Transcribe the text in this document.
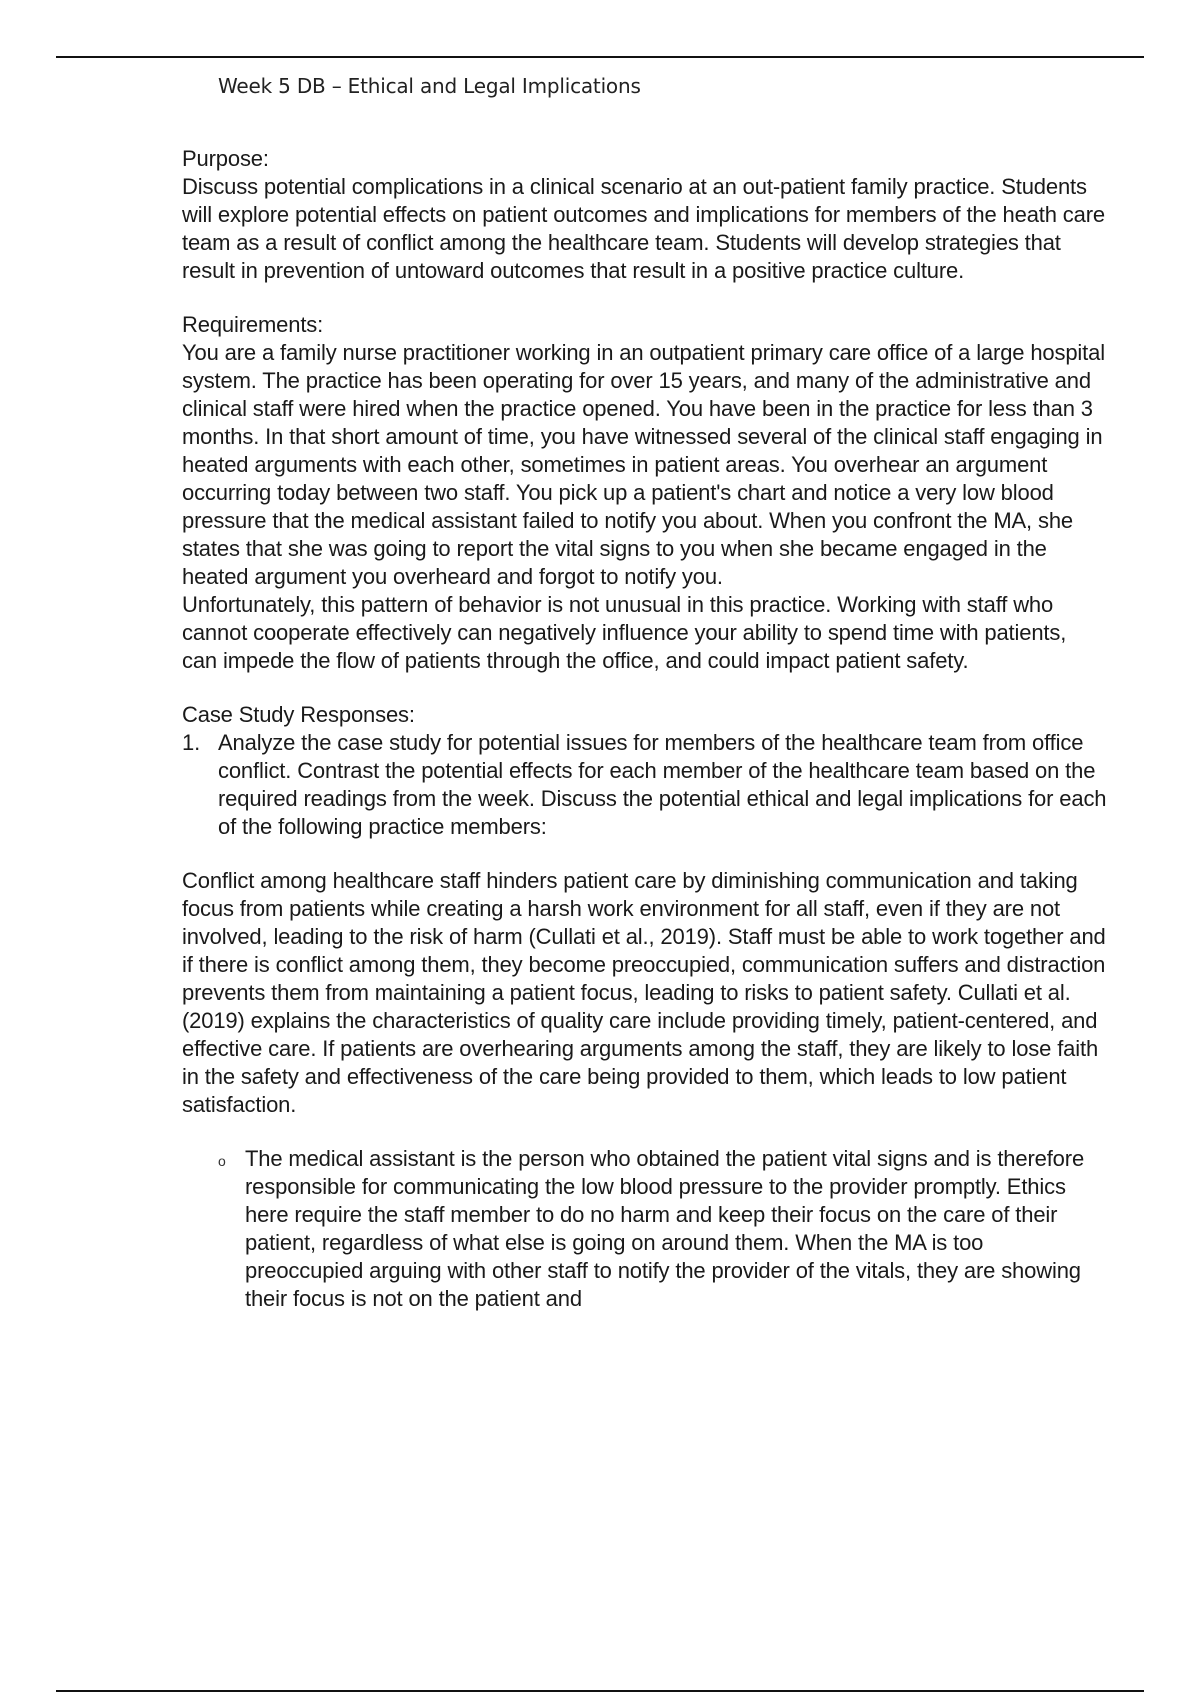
Week 5 DB – Ethical and Legal Implications

Purpose:

Discuss potential complications in a clinical scenario at an out-patient family practice. Students will explore potential effects on patient outcomes and implications for members of the heath care team as a result of conflict among the healthcare team. Students will develop strategies that result in prevention of untoward outcomes that result in a positive practice culture.

Requirements:

You are a family nurse practitioner working in an outpatient primary care office of a large hospital system. The practice has been operating for over 15 years, and many of the administrative and clinical staff were hired when the practice opened. You have been in the practice for less than 3 months. In that short amount of time, you have witnessed several of the clinical staff engaging in heated arguments with each other, sometimes in patient areas. You overhear an argument occurring today between two staff. You pick up a patient's chart and notice a very low blood pressure that the medical assistant failed to notify you about. When you confront the MA, she states that she was going to report the vital signs to you when she became engaged in the heated argument you overheard and forgot to notify you.

Unfortunately, this pattern of behavior is not unusual in this practice. Working with staff who cannot cooperate effectively can negatively influence your ability to spend time with patients, can impede the flow of patients through the office, and could impact patient safety.

Case Study Responses:

1. Analyze the case study for potential issues for members of the healthcare team from office conflict. Contrast the potential effects for each member of the healthcare team based on the required readings from the week. Discuss the potential ethical and legal implications for each of the following practice members:

Conflict among healthcare staff hinders patient care by diminishing communication and taking focus from patients while creating a harsh work environment for all staff, even if they are not involved, leading to the risk of harm (Cullati et al., 2019). Staff must be able to work together and if there is conflict among them, they become preoccupied, communication suffers and distraction prevents them from maintaining a patient focus, leading to risks to patient safety. Cullati et al. (2019) explains the characteristics of quality care include providing timely, patient-centered, and effective care. If patients are overhearing arguments among the staff, they are likely to lose faith in the safety and effectiveness of the care being provided to them, which leads to low patient satisfaction.

o The medical assistant is the person who obtained the patient vital signs and is therefore responsible for communicating the low blood pressure to the provider promptly. Ethics here require the staff member to do no harm and keep their focus on the care of their patient, regardless of what else is going on around them. When the MA is too preoccupied arguing with other staff to notify the provider of the vitals, they are showing their focus is not on the patient and
